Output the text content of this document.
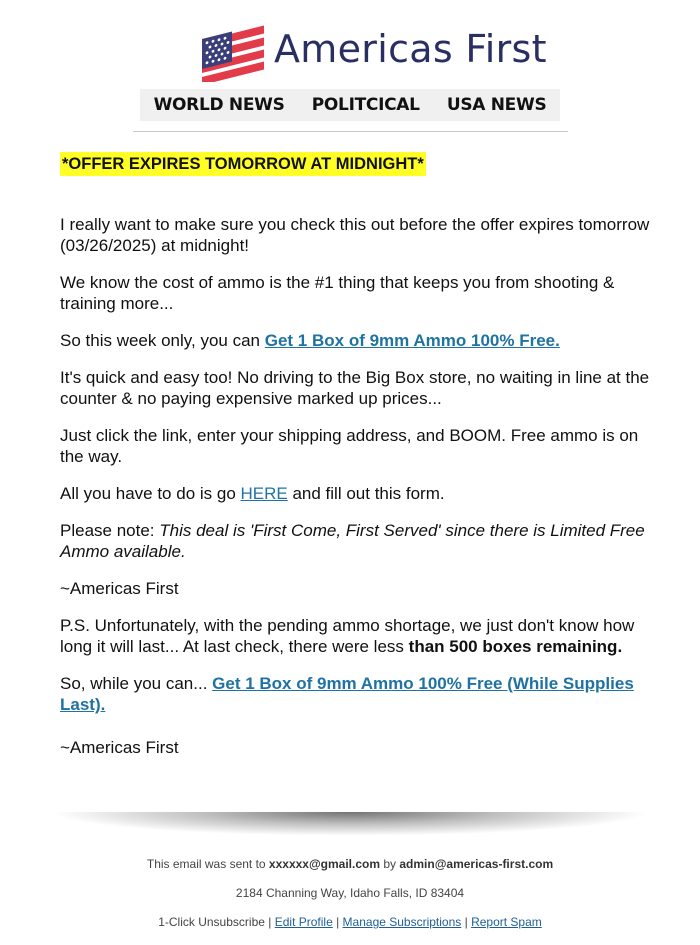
Americas First
WORLD NEWS POLITCICAL USA NEWS
*OFFER EXPIRES TOMORROW AT MIDNIGHT*

I really want to make sure you check this out before the offer expires tomorrow (03/26/2025) at midnight!

We know the cost of ammo is the #1 thing that keeps you from shooting & training more...

So this week only, you can Get 1 Box of 9mm Ammo 100% Free.

It's quick and easy too! No driving to the Big Box store, no waiting in line at the counter & no paying expensive marked up prices...

Just click the link, enter your shipping address, and BOOM. Free ammo is on the way.

All you have to do is go HERE and fill out this form.

Please note: This deal is 'First Come, First Served' since there is Limited Free Ammo available.

~Americas First

P.S. Unfortunately, with the pending ammo shortage, we just don't know how long it will last... At last check, there were less than 500 boxes remaining.

So, while you can... Get 1 Box of 9mm Ammo 100% Free (While Supplies Last).

~Americas First

This email was sent to xxxxxx@gmail.com by admin@americas-first.com
2184 Channing Way, Idaho Falls, ID 83404
1-Click Unsubscribe | Edit Profile | Manage Subscriptions | Report Spam
